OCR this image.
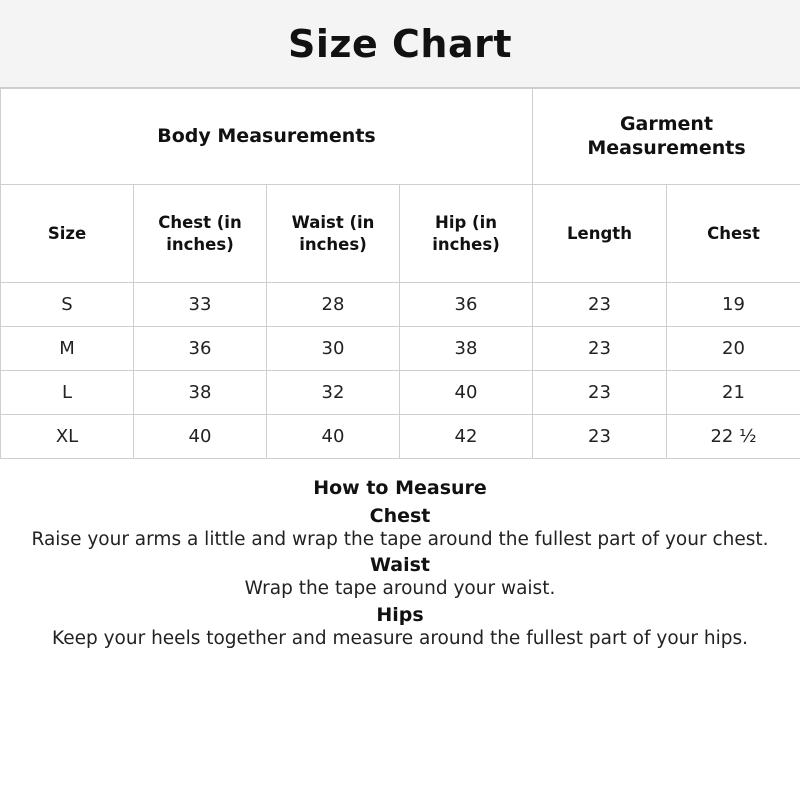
Size Chart
Body Measurements				Garment Measurements	
Size	Chest (in inches)	Waist (in inches)	Hip (in inches)	Length	Chest
S	33	28	36	23	19
M	36	30	38	23	20
L	38	32	40	23	21
XL	40	40	42	23	22 ½
How to Measure
Chest
Raise your arms a little and wrap the tape around the fullest part of your chest.
Waist
Wrap the tape around your waist.
Hips
Keep your heels together and measure around the fullest part of your hips.
